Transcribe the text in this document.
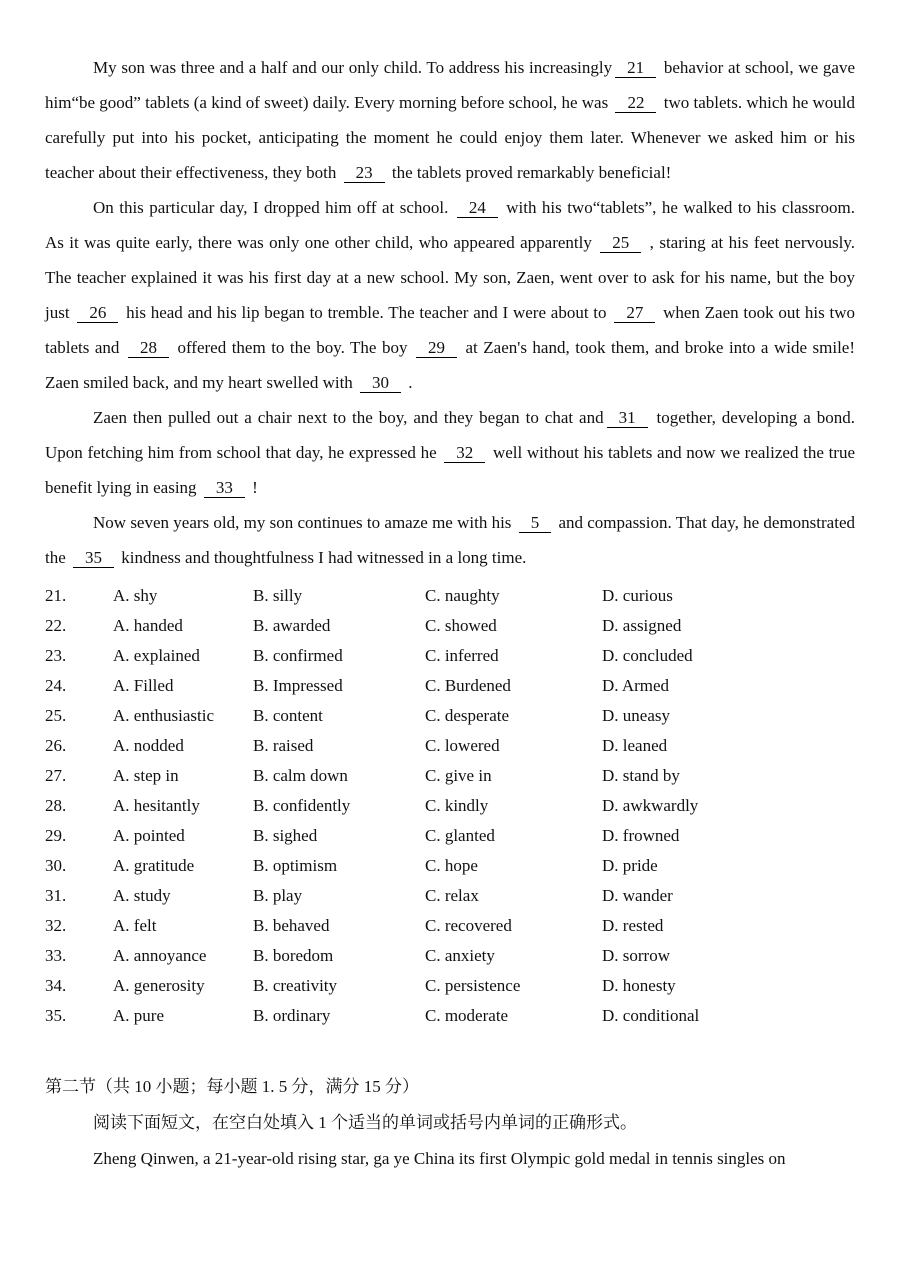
My son was three and a half and our only child. To address his increasingly 21 behavior at school, we gave him“be good” tablets (a kind of sweet) daily. Every morning before school, he was 22 two tablets. which he would carefully put into his pocket, anticipating the moment he could enjoy them later. Whenever we asked him or his teacher about their effectiveness, they both 23 the tablets proved remarkably beneficial!

On this particular day, I dropped him off at school. 24 with his two“tablets”, he walked to his classroom. As it was quite early, there was only one other child, who appeared apparently 25 , staring at his feet nervously. The teacher explained it was his first day at a new school. My son, Zaen, went over to ask for his name, but the boy just 26 his head and his lip began to tremble. The teacher and I were about to 27 when Zaen took out his two tablets and 28 offered them to the boy. The boy 29 at Zaen's hand, took them, and broke into a wide smile! Zaen smiled back, and my heart swelled with 30 .

Zaen then pulled out a chair next to the boy, and they began to chat and 31 together, developing a bond. Upon fetching him from school that day, he expressed he 32 well without his tablets and now we realized the true benefit lying in easing 33 !

Now seven years old, my son continues to amaze me with his 5 and compassion. That day, he demonstrated the 35 kindness and thoughtfulness I had witnessed in a long time.

21.	A. shy	B. silly	C. naughty	D. curious
22.	A. handed	B. awarded	C. showed	D. assigned
23.	A. explained	B. confirmed	C. inferred	D. concluded
24.	A. Filled	B. Impressed	C. Burdened	D. Armed
25.	A. enthusiastic	B. content	C. desperate	D. uneasy
26.	A. nodded	B. raised	C. lowered	D. leaned
27.	A. step in	B. calm down	C. give in	D. stand by
28.	A. hesitantly	B. confidently	C. kindly	D. awkwardly
29.	A. pointed	B. sighed	C. glanted	D. frowned
30.	A. gratitude	B. optimism	C. hope	D. pride
31.	A. study	B. play	C. relax	D. wander
32.	A. felt	B. behaved	C. recovered	D. rested
33.	A. annoyance	B. boredom	C. anxiety	D. sorrow
34.	A. generosity	B. creativity	C. persistence	D. honesty
35.	A. pure	B. ordinary	C. moderate	D. conditional

第二节（共 10 小题；每小题 1. 5 分，满分 15 分）

阅读下面短文，在空白处填入 1 个适当的单词或括号内单词的正确形式。

Zheng Qinwen, a 21-year-old rising star, ga ye China its first Olympic gold medal in tennis singles on
